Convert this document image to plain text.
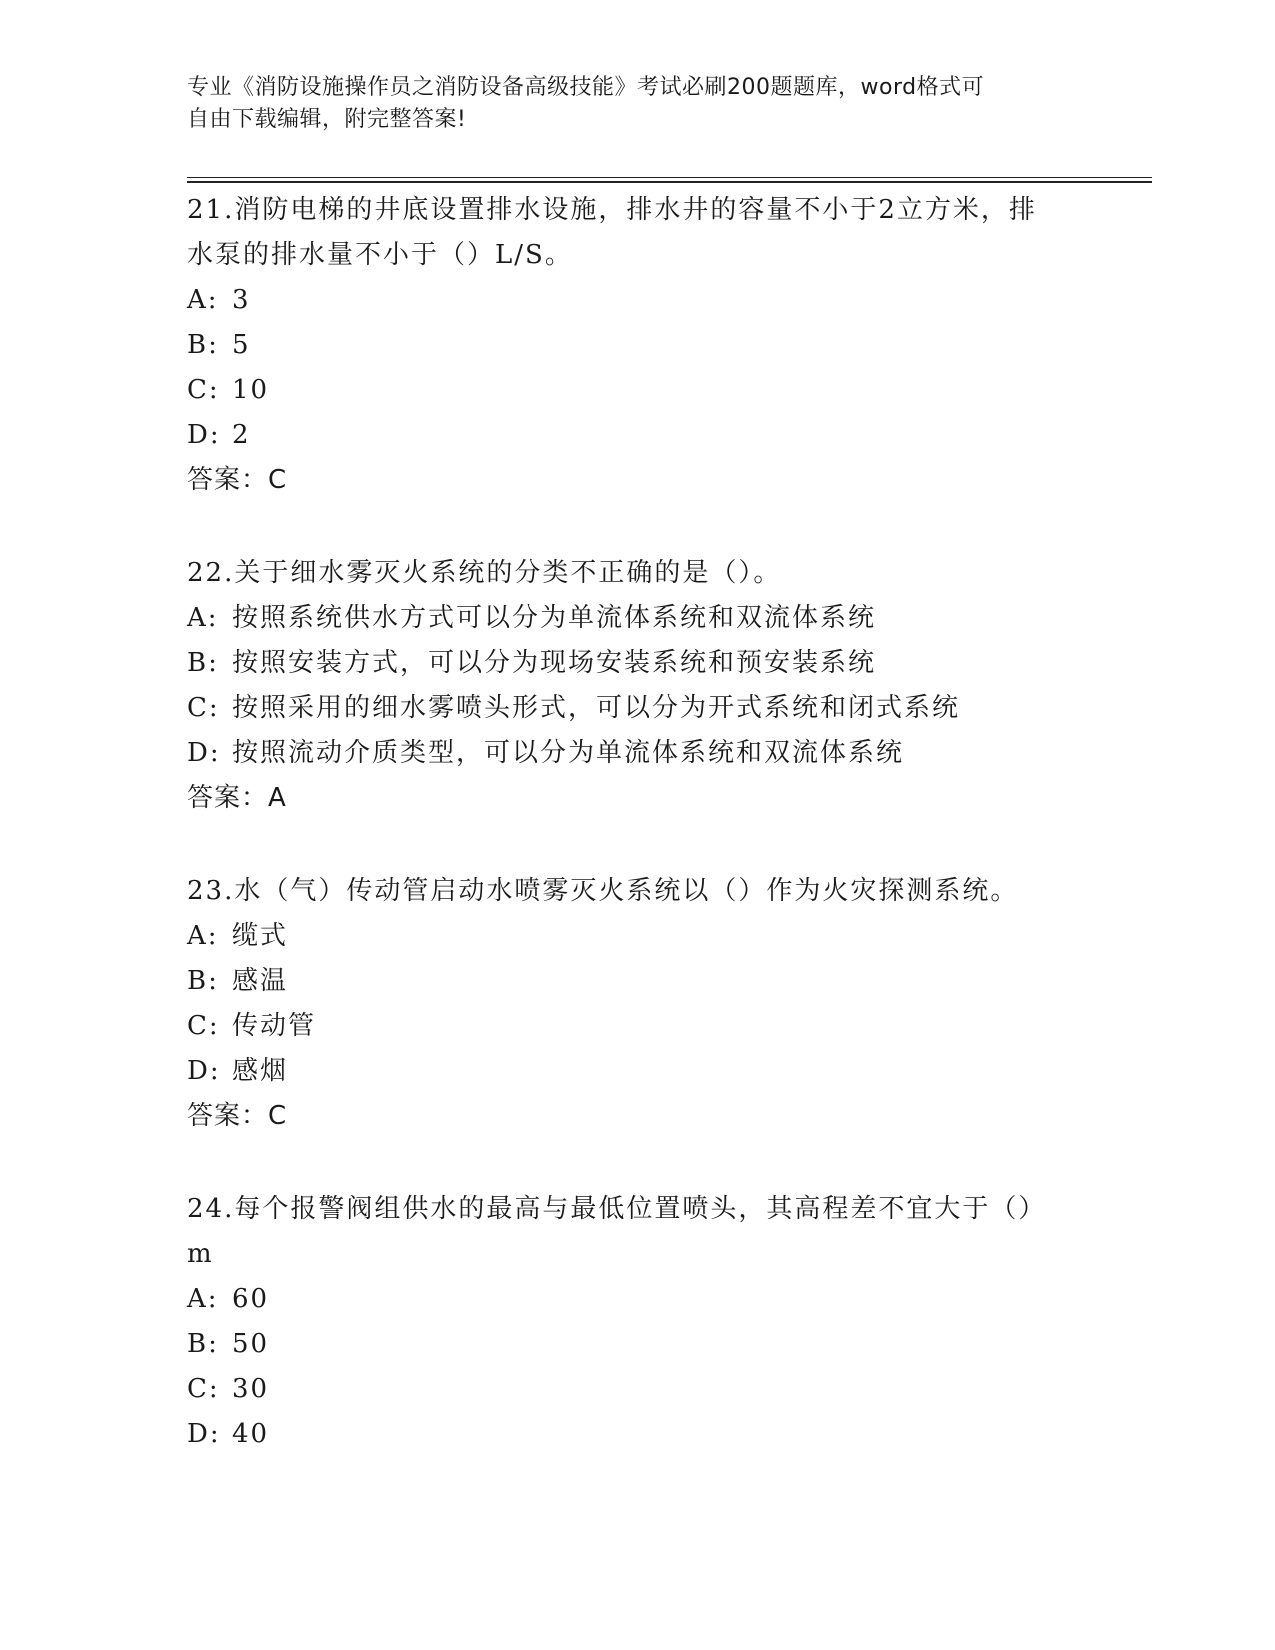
专业《消防设施操作员之消防设备高级技能》考试必刷200题题库，word格式可
自由下载编辑，附完整答案!
21.消防电梯的井底设置排水设施，排水井的容量不小于2立方米，排
水泵的排水量不小于（）L/S。
A: 3
B: 5
C: 10
D: 2
答案：C
22.关于细水雾灭火系统的分类不正确的是（）。
A: 按照系统供水方式可以分为单流体系统和双流体系统
B: 按照安装方式，可以分为现场安装系统和预安装系统
C: 按照采用的细水雾喷头形式，可以分为开式系统和闭式系统
D: 按照流动介质类型，可以分为单流体系统和双流体系统
答案：A
23.水（气）传动管启动水喷雾灭火系统以（）作为火灾探测系统。
A: 缆式
B: 感温
C: 传动管
D: 感烟
答案：C
24.每个报警阀组供水的最高与最低位置喷头，其高程差不宜大于（）
m
A: 60
B: 50
C: 30
D: 40
